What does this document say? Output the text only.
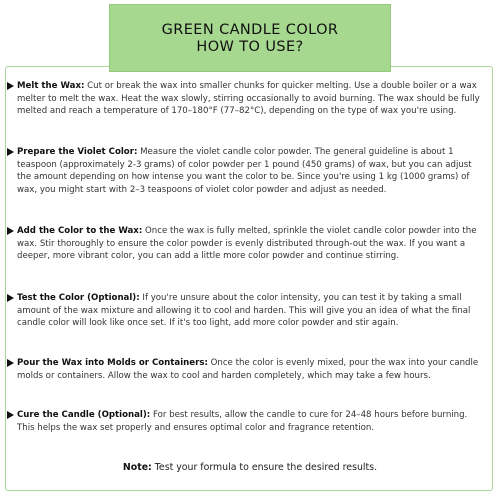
GREEN CANDLE COLOR
HOW TO USE?
Melt the Wax: Cut or break the wax into smaller chunks for quicker melting. Use a double boiler or a wax melter to melt the wax. Heat the wax slowly, stirring occasionally to avoid burning. The wax should be fully melted and reach a temperature of 170–180°F (77–82°C), depending on the type of wax you're using.
Prepare the Violet Color: Measure the violet candle color powder. The general guideline is about 1 teaspoon (approximately 2-3 grams) of color powder per 1 pound (450 grams) of wax, but you can adjust the amount depending on how intense you want the color to be. Since you're using 1 kg (1000 grams) of wax, you might start with 2–3 teaspoons of violet color powder and adjust as needed.
Add the Color to the Wax: Once the wax is fully melted, sprinkle the violet candle color powder into the wax. Stir thoroughly to ensure the color powder is evenly distributed through-out the wax. If you want a deeper, more vibrant color, you can add a little more color powder and continue stirring.
Test the Color (Optional): If you're unsure about the color intensity, you can test it by taking a small amount of the wax mixture and allowing it to cool and harden. This will give you an idea of what the final candle color will look like once set. If it's too light, add more color powder and stir again.
Pour the Wax into Molds or Containers: Once the color is evenly mixed, pour the wax into your candle molds or containers. Allow the wax to cool and harden completely, which may take a few hours.
Cure the Candle (Optional): For best results, allow the candle to cure for 24–48 hours before burning. This helps the wax set properly and ensures optimal color and fragrance retention.
Note: Test your formula to ensure the desired results.
